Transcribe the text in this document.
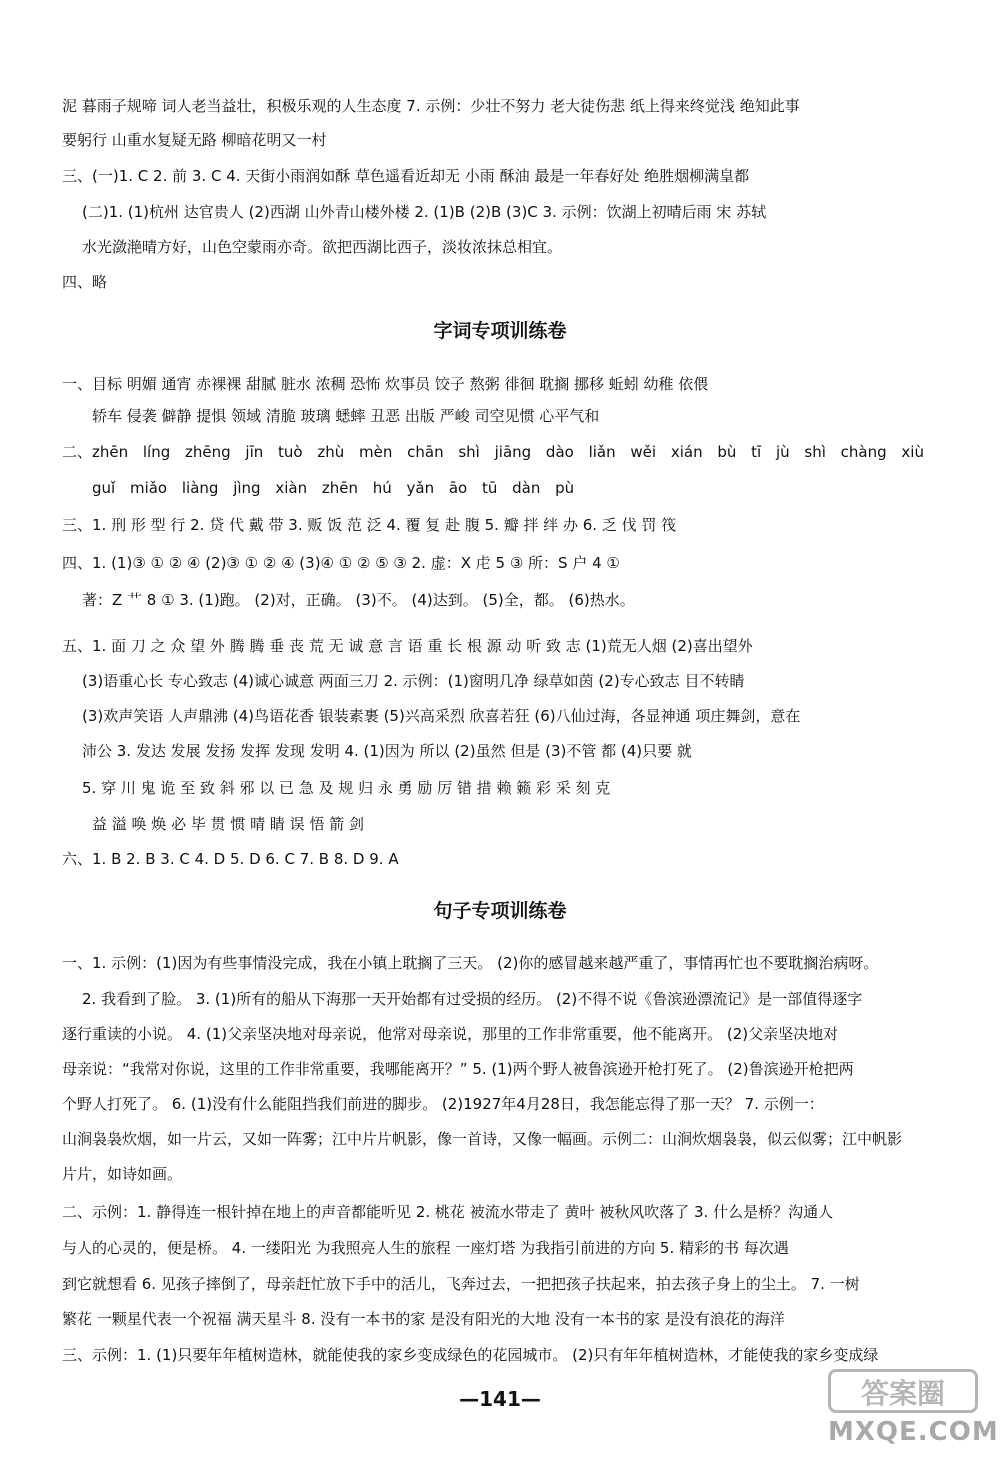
泥 暮雨子规啼 词人老当益壮，积极乐观的人生态度 7. 示例：少壮不努力 老大徒伤悲 纸上得来终觉浅 绝知此事
要躬行 山重水复疑无路 柳暗花明又一村
三、(一)1. C 2. 前 3. C 4. 天街小雨润如酥 草色遥看近却无 小雨 酥油 最是一年春好处 绝胜烟柳满皇都
(二)1. (1)杭州 达官贵人 (2)西湖 山外青山楼外楼 2. (1)B (2)B (3)C 3. 示例：饮湖上初晴后雨 宋 苏轼
水光潋滟晴方好，山色空蒙雨亦奇。欲把西湖比西子，淡妆浓抹总相宜。
四、略
字词专项训练卷
一、目标 明媚 通宵 赤裸裸 甜腻 脏水 浓稠 恐怖 炊事员 饺子 熬粥 徘徊 耽搁 挪移 蚯蚓 幼稚 依偎
轿车 侵袭 僻静 提惧 领域 清脆 玻璃 蟋蟀 丑恶 出版 严峻 司空见惯 心平气和
二、zhēn líng zhēng jīn tuò zhù mèn chān shì jiāng dào liǎn wěi xián bù tī jù shì chàng xiù
guǐ miǎo liàng jìng xiàn zhēn hú yǎn āo tū dàn pù
三、1. 刑 形 型 行 2. 贷 代 戴 带 3. 贩 饭 范 泛 4. 覆 复 赴 腹 5. 瓣 拌 绊 办 6. 乏 伐 罚 筏
四、1. (1)③ ① ② ④ (2)③ ① ② ④ (3)④ ① ② ⑤ ③ 2. 虚：X 虍 5 ③ 所：S 户 4 ①
著：Z 艹 8 ① 3. (1)跑。 (2)对，正确。 (3)不。 (4)达到。 (5)全，都。 (6)热水。
五、1. 面 刀 之 众 望 外 腾 腾 垂 丧 荒 无 诚 意 言 语 重 长 根 源 动 听 致 志 (1)荒无人烟 (2)喜出望外
(3)语重心长 专心致志 (4)诚心诚意 两面三刀 2. 示例：(1)窗明几净 绿草如茵 (2)专心致志 目不转睛
(3)欢声笑语 人声鼎沸 (4)鸟语花香 银装素裹 (5)兴高采烈 欣喜若狂 (6)八仙过海，各显神通 项庄舞剑，意在
沛公 3. 发达 发展 发扬 发挥 发现 发明 4. (1)因为 所以 (2)虽然 但是 (3)不管 都 (4)只要 就
5. 穿 川 鬼 诡 至 致 斜 邪 以 已 急 及 规 归 永 勇 励 厉 错 措 赖 籁 彩 采 刻 克
益 溢 唤 焕 必 毕 贯 惯 晴 睛 误 悟 箭 剑
六、1. B 2. B 3. C 4. D 5. D 6. C 7. B 8. D 9. A
句子专项训练卷
一、1. 示例：(1)因为有些事情没完成，我在小镇上耽搁了三天。 (2)你的感冒越来越严重了，事情再忙也不要耽搁治病呀。
2. 我看到了脸。 3. (1)所有的船从下海那一天开始都有过受损的经历。 (2)不得不说《鲁滨逊漂流记》是一部值得逐字
逐行重读的小说。 4. (1)父亲坚决地对母亲说，他常对母亲说，那里的工作非常重要，他不能离开。 (2)父亲坚决地对
母亲说：“我常对你说，这里的工作非常重要，我哪能离开？” 5. (1)两个野人被鲁滨逊开枪打死了。 (2)鲁滨逊开枪把两
个野人打死了。 6. (1)没有什么能阻挡我们前进的脚步。 (2)1927年4月28日，我怎能忘得了那一天？ 7. 示例一：
山涧袅袅炊烟，如一片云，又如一阵雾；江中片片帆影，像一首诗，又像一幅画。示例二：山涧炊烟袅袅，似云似雾；江中帆影
片片，如诗如画。
二、示例：1. 静得连一根针掉在地上的声音都能听见 2. 桃花 被流水带走了 黄叶 被秋风吹落了 3. 什么是桥？沟通人
与人的心灵的，便是桥。 4. 一缕阳光 为我照亮人生的旅程 一座灯塔 为我指引前进的方向 5. 精彩的书 每次遇
到它就想看 6. 见孩子摔倒了，母亲赶忙放下手中的活儿，飞奔过去，一把把孩子扶起来，拍去孩子身上的尘土。 7. 一树
繁花 一颗星代表一个祝福 满天星斗 8. 没有一本书的家 是没有阳光的大地 没有一本书的家 是没有浪花的海洋
三、示例：1. (1)只要年年植树造林，就能使我的家乡变成绿色的花园城市。 (2)只有年年植树造林，才能使我的家乡变成绿
—141—	答案圈
MXQE.COM
